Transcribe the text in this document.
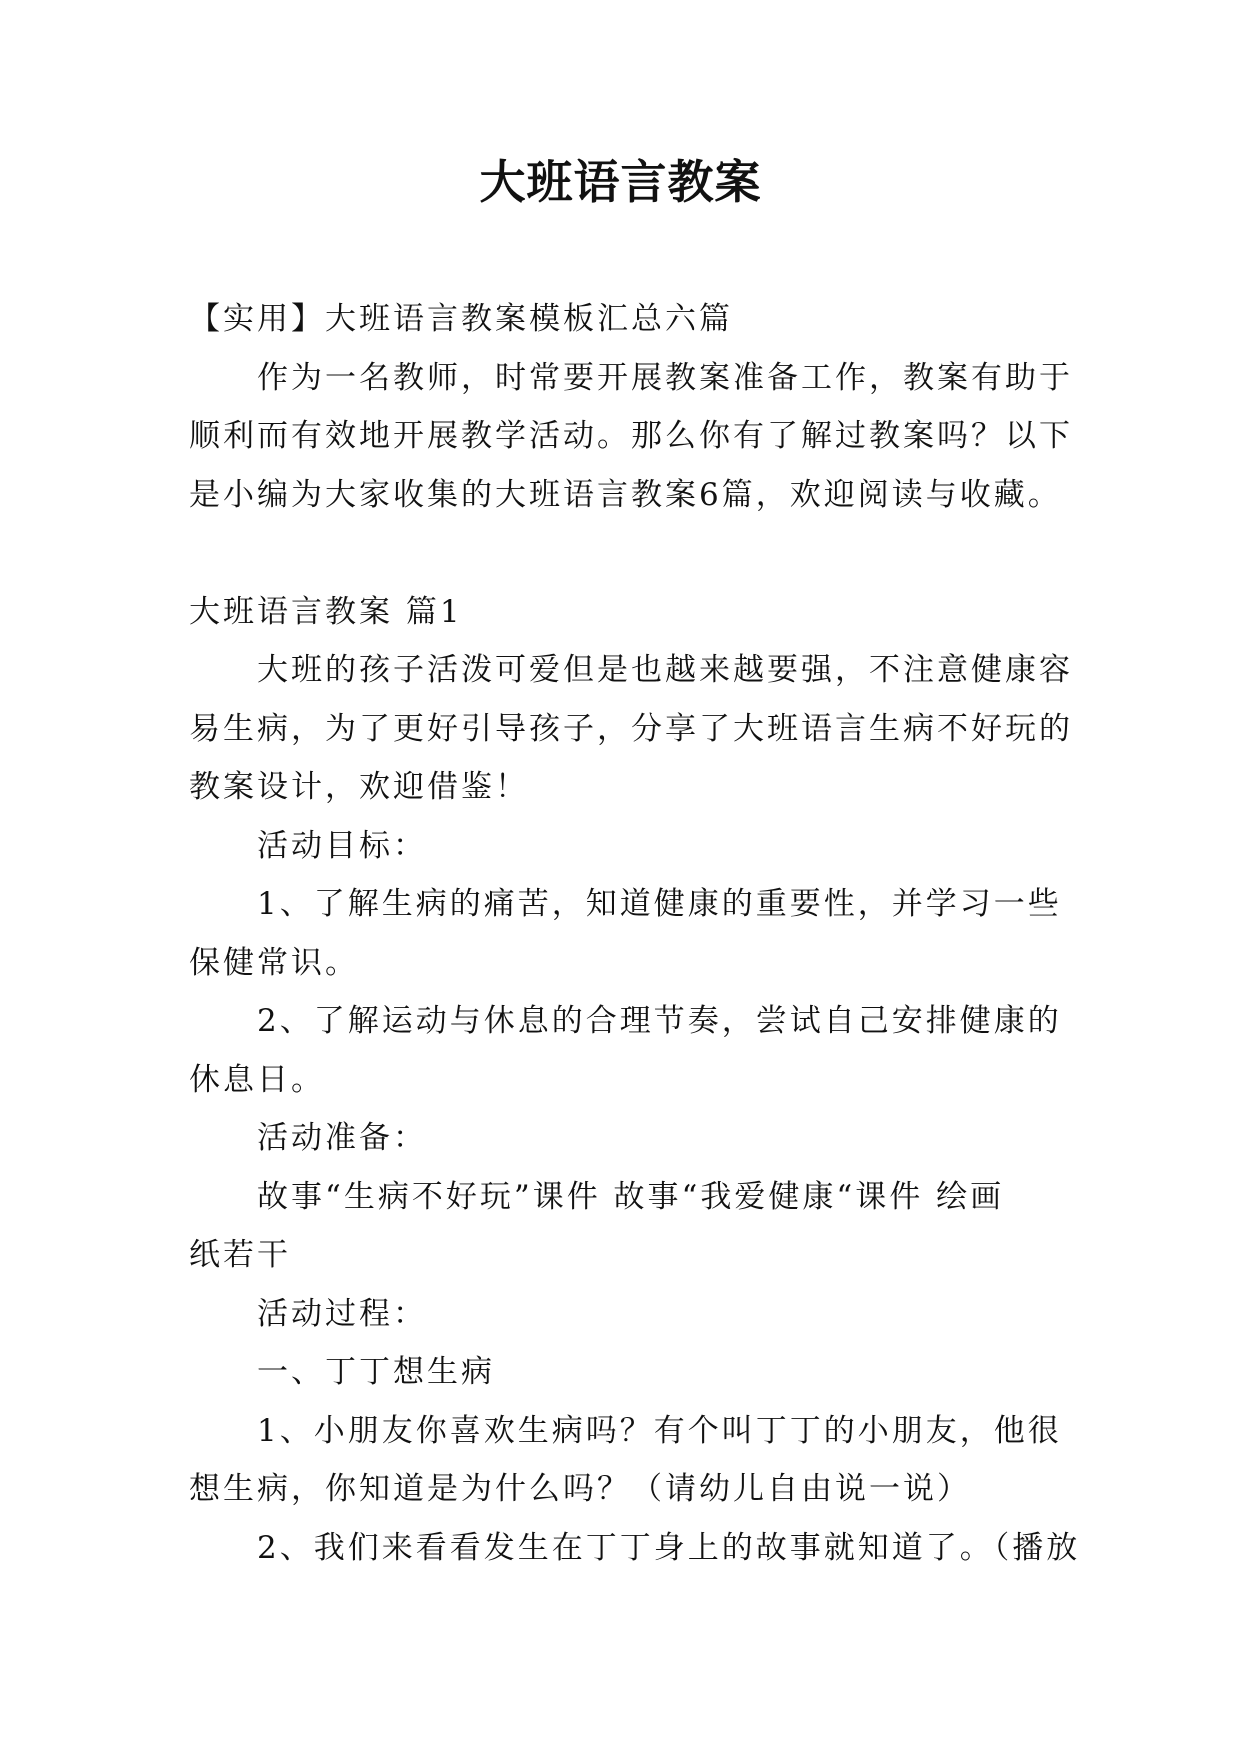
大班语言教案
【实用】大班语言教案模板汇总六篇
作为一名教师，时常要开展教案准备工作，教案有助于
顺利而有效地开展教学活动。那么你有了解过教案吗？以下
是小编为大家收集的大班语言教案6篇，欢迎阅读与收藏。
大班语言教案 篇1
大班的孩子活泼可爱但是也越来越要强，不注意健康容
易生病，为了更好引导孩子，分享了大班语言生病不好玩的
教案设计，欢迎借鉴！
活动目标：
1、了解生病的痛苦，知道健康的重要性，并学习一些
保健常识。
2、了解运动与休息的合理节奏，尝试自己安排健康的
休息日。
活动准备：
故事“生病不好玩”课件 故事“我爱健康“课件 绘画
纸若干
活动过程：
一、丁丁想生病
1、小朋友你喜欢生病吗？有个叫丁丁的小朋友，他很
想生病，你知道是为什么吗？（请幼儿自由说一说）
2、我们来看看发生在丁丁身上的故事就知道了。（播放
